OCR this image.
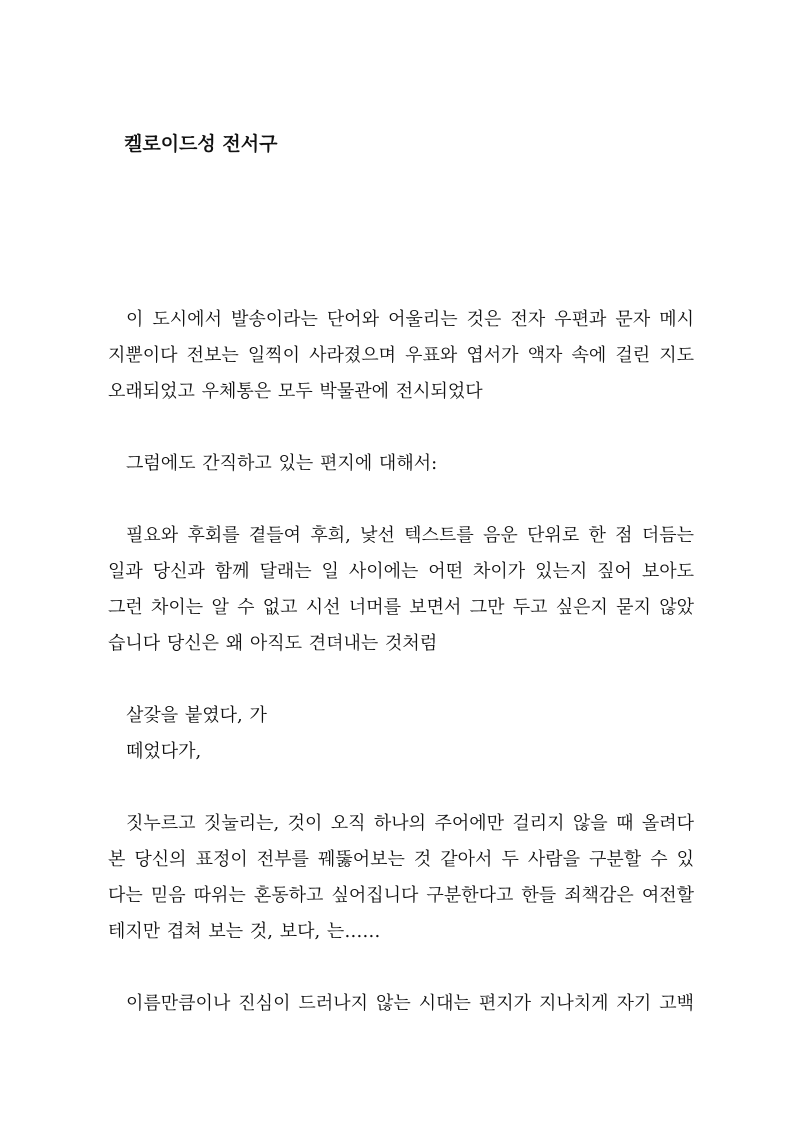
켈로이드성 전서구

이 도시에서 발송이라는 단어와 어울리는 것은 전자 우편과 문자 메시
지뿐이다 전보는 일찍이 사라졌으며 우표와 엽서가 액자 속에 걸린 지도
오래되었고 우체통은 모두 박물관에 전시되었다

그럼에도 간직하고 있는 편지에 대해서:

필요와 후회를 곁들여 후희, 낯선 텍스트를 음운 단위로 한 점 더듬는
일과 당신과 함께 달래는 일 사이에는 어떤 차이가 있는지 짚어 보아도
그런 차이는 알 수 없고 시선 너머를 보면서 그만 두고 싶은지 묻지 않았
습니다 당신은 왜 아직도 견뎌내는 것처럼

살갗을 붙였다, 가
떼었다가,

짓누르고 짓눌리는, 것이 오직 하나의 주어에만 걸리지 않을 때 올려다
본 당신의 표정이 전부를 꿰뚫어보는 것 같아서 두 사람을 구분할 수 있
다는 믿음 따위는 혼동하고 싶어집니다 구분한다고 한들 죄책감은 여전할
테지만 겹쳐 보는 것, 보다, 는……

이름만큼이나 진심이 드러나지 않는 시대는 편지가 지나치게 자기 고백
